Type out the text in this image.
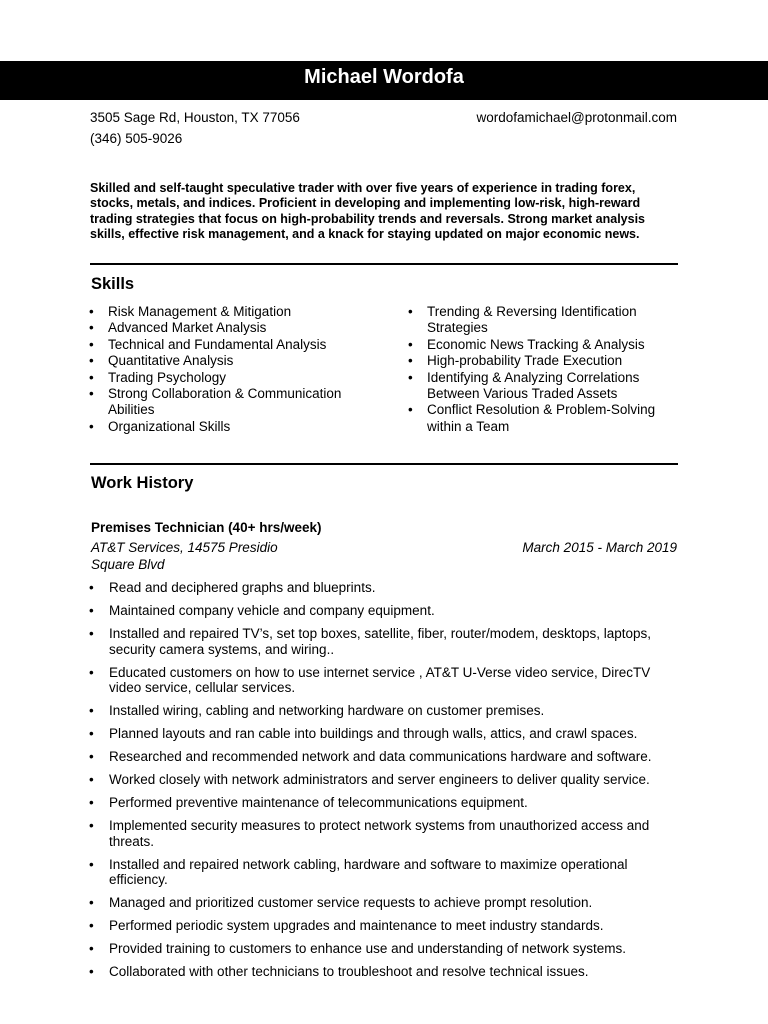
Michael Wordofa
3505 Sage Rd, Houston, TX 77056
(346) 505-9026
wordofamichael@protonmail.com
Skilled and self-taught speculative trader with over five years of experience in trading forex, stocks, metals, and indices. Proficient in developing and implementing low-risk, high-reward trading strategies that focus on high-probability trends and reversals. Strong market analysis skills, effective risk management, and a knack for staying updated on major economic news.
Skills
• Risk Management & Mitigation
• Advanced Market Analysis
• Technical and Fundamental Analysis
• Quantitative Analysis
• Trading Psychology
• Strong Collaboration & Communication Abilities
• Organizational Skills
• Trending & Reversing Identification Strategies
• Economic News Tracking & Analysis
• High-probability Trade Execution
• Identifying & Analyzing Correlations Between Various Traded Assets
• Conflict Resolution & Problem-Solving within a Team
Work History
Premises Technician (40+ hrs/week)
AT&T Services, 14575 Presidio Square Blvd
March 2015 - March 2019
• Read and deciphered graphs and blueprints.
• Maintained company vehicle and company equipment.
• Installed and repaired TV’s, set top boxes, satellite, fiber, router/modem, desktops, laptops, security camera systems, and wiring..
• Educated customers on how to use internet service , AT&T U-Verse video service, DirecTV video service, cellular services.
• Installed wiring, cabling and networking hardware on customer premises.
• Planned layouts and ran cable into buildings and through walls, attics, and crawl spaces.
• Researched and recommended network and data communications hardware and software.
• Worked closely with network administrators and server engineers to deliver quality service.
• Performed preventive maintenance of telecommunications equipment.
• Implemented security measures to protect network systems from unauthorized access and threats.
• Installed and repaired network cabling, hardware and software to maximize operational efficiency.
• Managed and prioritized customer service requests to achieve prompt resolution.
• Performed periodic system upgrades and maintenance to meet industry standards.
• Provided training to customers to enhance use and understanding of network systems.
• Collaborated with other technicians to troubleshoot and resolve technical issues.
